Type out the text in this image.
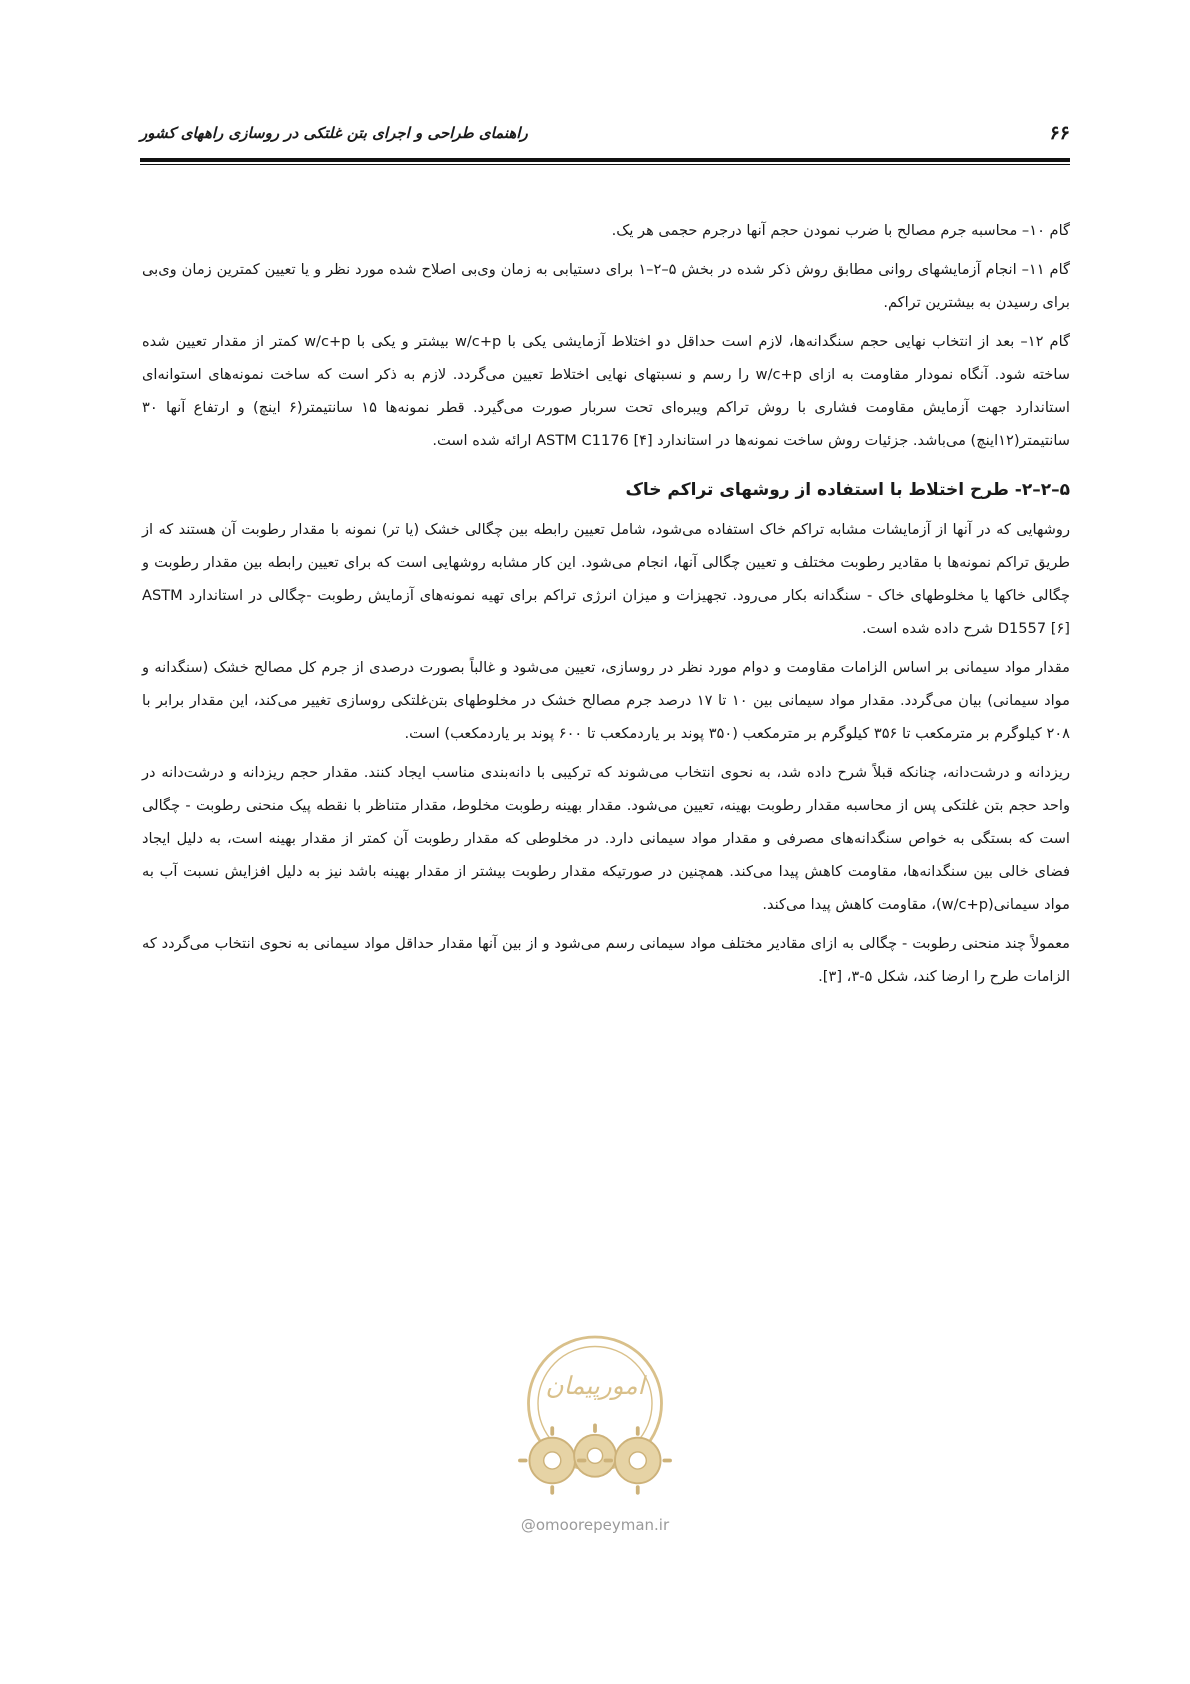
۶۶
راهنمای طراحی و اجرای بتن غلتکی در روسازی راههای کشور

گام ۱۰– محاسبه جرم مصالح با ضرب نمودن حجم آنها درجرم حجمی هر یک.

گام ۱۱– انجام آزمایشهای روانی مطابق روش ذکر شده در بخش ۵–۲–۱ برای دستیابی به زمان وی‌بی اصلاح شده مورد نظر و یا تعیین کمترین زمان وی‌بی برای رسیدن به بیشترین تراکم.

گام ۱۲– بعد از انتخاب نهایی حجم سنگدانه‌ها، لازم است حداقل دو اختلاط آزمایشی یکی با w/c+p بیشتر و یکی با w/c+p کمتر از مقدار تعیین شده ساخته شود. آنگاه نمودار مقاومت به ازای w/c+p را رسم و نسبتهای نهایی اختلاط تعیین می‌گردد. لازم به ذکر است که ساخت نمونه‌های استوانه‌ای استاندارد جهت آزمایش مقاومت فشاری با روش تراکم ویبره‌ای تحت سربار صورت می‌گیرد. قطر نمونه‌ها ۱۵ سانتیمتر(۶ اینچ) و ارتفاع آنها ۳۰ سانتیمتر(۱۲اینچ) می‌باشد. جزئیات روش ساخت نمونه‌ها در استاندارد ASTM C1176 [۴] ارائه شده است.

۵–۲–۲- طرح اختلاط با استفاده از روشهای تراکم خاک

روشهایی که در آنها از آزمایشات مشابه تراکم خاک استفاده می‌شود، شامل تعیین رابطه بین چگالی خشک (یا تر) نمونه با مقدار رطوبت آن هستند که از طریق تراکم نمونه‌ها با مقادیر رطوبت مختلف و تعیین چگالی آنها، انجام می‌شود. این کار مشابه روشهایی است که برای تعیین رابطه بین مقدار رطوبت و چگالی خاکها یا مخلوطهای خاک - سنگدانه بکار می‌رود. تجهیزات و میزان انرژی تراکم برای تهیه نمونه‌های آزمایش رطوبت -چگالی در استاندارد ASTM D1557 [۶] شرح داده شده است.

مقدار مواد سیمانی بر اساس الزامات مقاومت و دوام مورد نظر در روسازی، تعیین می‌شود و غالباً بصورت درصدی از جرم کل مصالح خشک (سنگدانه و مواد سیمانی) بیان می‌گردد. مقدار مواد سیمانی بین ۱۰ تا ۱۷ درصد جرم مصالح خشک در مخلوطهای بتن‌غلتکی روسازی تغییر می‌کند، این مقدار برابر با ۲۰۸ کیلوگرم بر مترمکعب تا ۳۵۶ کیلوگرم بر مترمکعب (۳۵۰ پوند بر یاردمکعب تا ۶۰۰ پوند بر یاردمکعب) است.

ریزدانه و درشت‌دانه، چنانکه قبلاً شرح داده شد، به نحوی انتخاب می‌شوند که ترکیبی با دانه‌بندی مناسب ایجاد کنند. مقدار حجم ریزدانه و درشت‌دانه در واحد حجم بتن غلتکی پس از محاسبه مقدار رطوبت بهینه، تعیین می‌شود. مقدار بهینه رطوبت مخلوط، مقدار متناظر با نقطه پیک منحنی رطوبت - چگالی است که بستگی به خواص سنگدانه‌های مصرفی و مقدار مواد سیمانی دارد. در مخلوطی که مقدار رطوبت آن کمتر از مقدار بهینه است، به دلیل ایجاد فضای خالی بین سنگدانه‌ها، مقاومت کاهش پیدا می‌کند. همچنین در صورتیکه مقدار رطوبت بیشتر از مقدار بهینه باشد نیز به دلیل افزایش نسبت آب به مواد سیمانی(w/c+p)، مقاومت کاهش پیدا می‌کند.

معمولاً چند منحنی رطوبت - چگالی به ازای مقادیر مختلف مواد سیمانی رسم می‌شود و از بین آنها مقدار حداقل مواد سیمانی به نحوی انتخاب می‌گردد که الزامات طرح را ارضا کند، شکل ۵-۳، [۳].

امورپیمان
@omoorepeyman.ir
